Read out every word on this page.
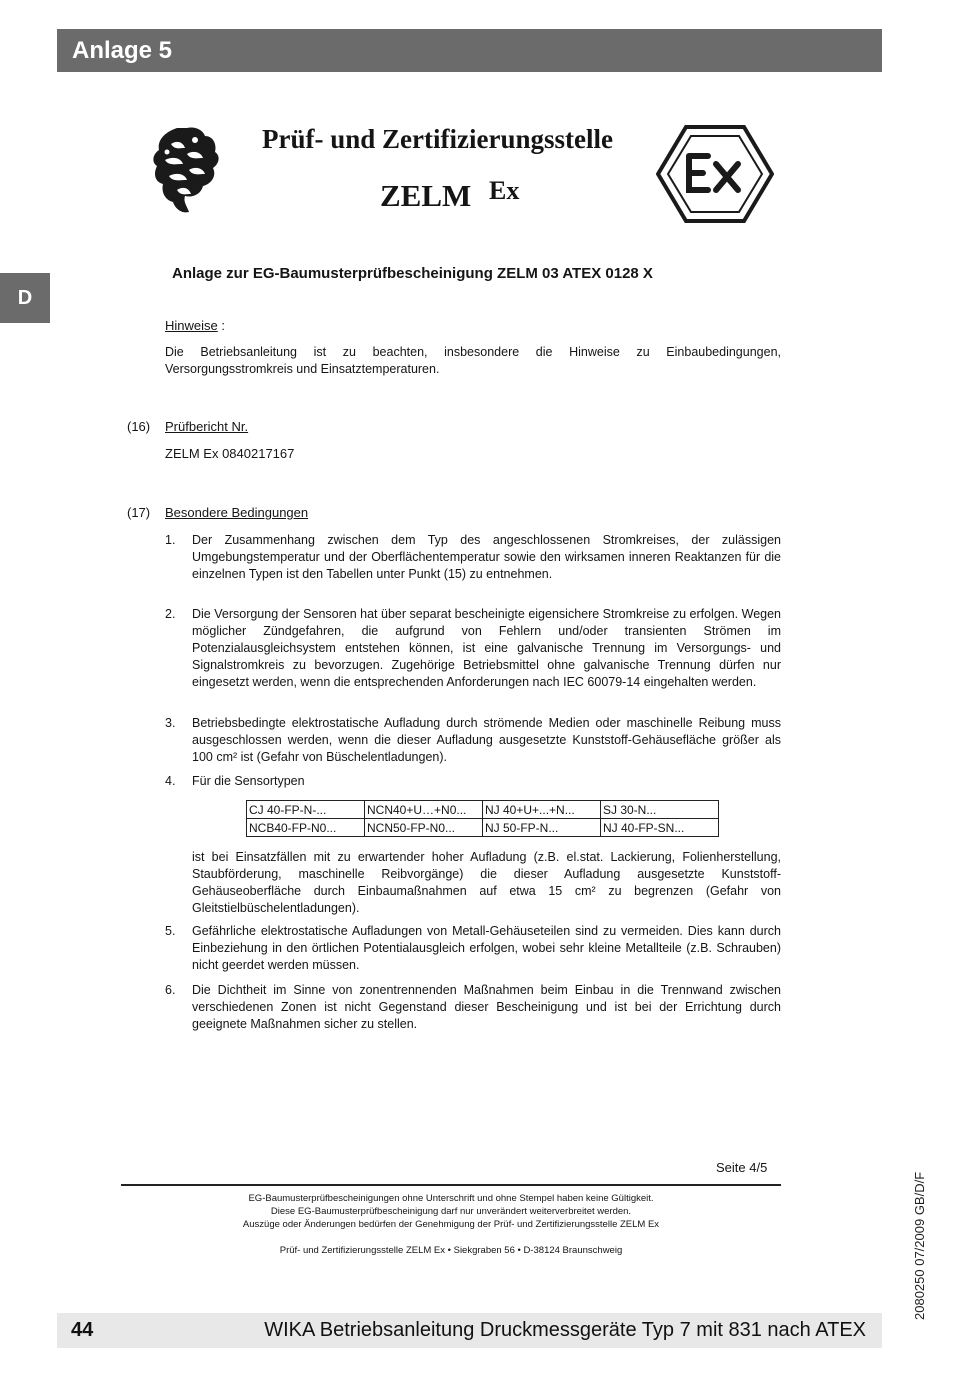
Anlage 5
D
Prüf- und Zertifizierungsstelle
ZELM Ex
Anlage zur EG-Baumusterprüfbescheinigung ZELM 03 ATEX 0128 X
Hinweise :
Die Betriebsanleitung ist zu beachten, insbesondere die Hinweise zu Einbaubedingungen, Versorgungsstromkreis und Einsatztemperaturen.
(16) Prüfbericht Nr.
ZELM Ex 0840217167
(17) Besondere Bedingungen
1. Der Zusammenhang zwischen dem Typ des angeschlossenen Stromkreises, der zulässigen Umgebungstemperatur und der Oberflächentemperatur sowie den wirksamen inneren Reaktanzen für die einzelnen Typen ist den Tabellen unter Punkt (15) zu entnehmen.
2. Die Versorgung der Sensoren hat über separat bescheinigte eigensichere Stromkreise zu erfolgen. Wegen möglicher Zündgefahren, die aufgrund von Fehlern und/oder transienten Strömen im Potenzialausgleichsystem entstehen können, ist eine galvanische Trennung im Versorgungs- und Signalstromkreis zu bevorzugen. Zugehörige Betriebsmittel ohne galvanische Trennung dürfen nur eingesetzt werden, wenn die entsprechenden Anforderungen nach IEC 60079-14 eingehalten werden.
3. Betriebsbedingte elektrostatische Aufladung durch strömende Medien oder maschinelle Reibung muss ausgeschlossen werden, wenn die dieser Aufladung ausgesetzte Kunststoff-Gehäusefläche größer als 100 cm² ist (Gefahr von Büschelentladungen).
4. Für die Sensortypen
CJ 40-FP-N-...	NCN40+U…+N0...	NJ 40+U+...+N...	SJ 30-N...
NCB40-FP-N0...	NCN50-FP-N0...	NJ 50-FP-N...	NJ 40-FP-SN...
ist bei Einsatzfällen mit zu erwartender hoher Aufladung (z.B. el.stat. Lackierung, Folienherstellung, Staubförderung, maschinelle Reibvorgänge) die dieser Aufladung ausgesetzte Kunststoff-Gehäuseoberfläche durch Einbaumaßnahmen auf etwa 15 cm² zu begrenzen (Gefahr von Gleitstielbüschelentladungen).
5. Gefährliche elektrostatische Aufladungen von Metall-Gehäuseteilen sind zu vermeiden. Dies kann durch Einbeziehung in den örtlichen Potentialausgleich erfolgen, wobei sehr kleine Metallteile (z.B. Schrauben) nicht geerdet werden müssen.
6. Die Dichtheit im Sinne von zonentrennenden Maßnahmen beim Einbau in die Trennwand zwischen verschiedenen Zonen ist nicht Gegenstand dieser Bescheinigung und ist bei der Errichtung durch geeignete Maßnahmen sicher zu stellen.
Seite 4/5
EG-Baumusterprüfbescheinigungen ohne Unterschrift und ohne Stempel haben keine Gültigkeit.
Diese EG-Baumusterprüfbescheinigung darf nur unverändert weiterverbreitet werden.
Auszüge oder Änderungen bedürfen der Genehmigung der Prüf- und Zertifizierungsstelle ZELM Ex
Prüf- und Zertifizierungsstelle ZELM Ex • Siekgraben 56 • D-38124 Braunschweig	2080250 07/2009 GB/D/F
44	WIKA Betriebsanleitung Druckmessgeräte Typ 7 mit 831 nach ATEX
